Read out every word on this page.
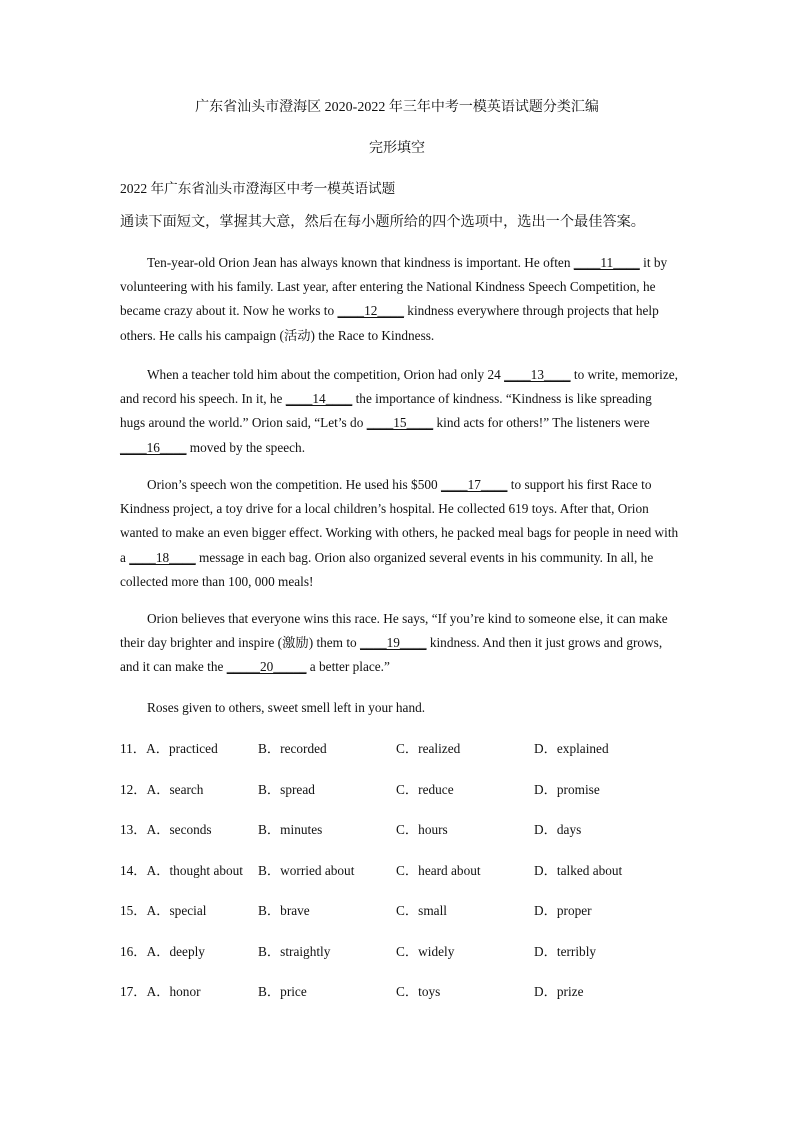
广东省汕头市澄海区 2020-2022 年三年中考一模英语试题分类汇编
完形填空
2022 年广东省汕头市澄海区中考一模英语试题
通读下面短文，掌握其大意，然后在每小题所给的四个选项中，选出一个最佳答案。
Ten-year-old Orion Jean has always known that kindness is important. He often ____11____ it by volunteering with his family. Last year, after entering the National Kindness Speech Competition, he became crazy about it. Now he works to ____12____ kindness everywhere through projects that help others. He calls his campaign (活动) the Race to Kindness.
When a teacher told him about the competition, Orion had only 24 ____13____ to write, memorize, and record his speech. In it, he ____14____ the importance of kindness. “Kindness is like spreading hugs around the world.” Orion said, “Let’s do ____15____ kind acts for others!” The listeners were ____16____ moved by the speech.
Orion’s speech won the competition. He used his $500 ____17____ to support his first Race to Kindness project, a toy drive for a local children’s hospital. He collected 619 toys. After that, Orion wanted to make an even bigger effect. Working with others, he packed meal bags for people in need with a ____18____ message in each bag. Orion also organized several events in his community. In all, he collected more than 100, 000 meals!
Orion believes that everyone wins this race. He says, “If you’re kind to someone else, it can make their day brighter and inspire (激励) them to ____19____ kindness. And then it just grows and grows, and it can make the _____20_____ a better place.”
Roses given to others, sweet smell left in your hand.
11．A．practiced	B．recorded	C．realized	D．explained
12．A．search	B．spread	C．reduce	D．promise
13．A．seconds	B．minutes	C．hours	D．days
14．A．thought about B．worried about	C．heard about	D．talked about
15．A．special	B．brave	C．small	D．proper
16．A．deeply	B．straightly	C．widely	D．terribly
17．A．honor	B．price	C．toys	D．prize
